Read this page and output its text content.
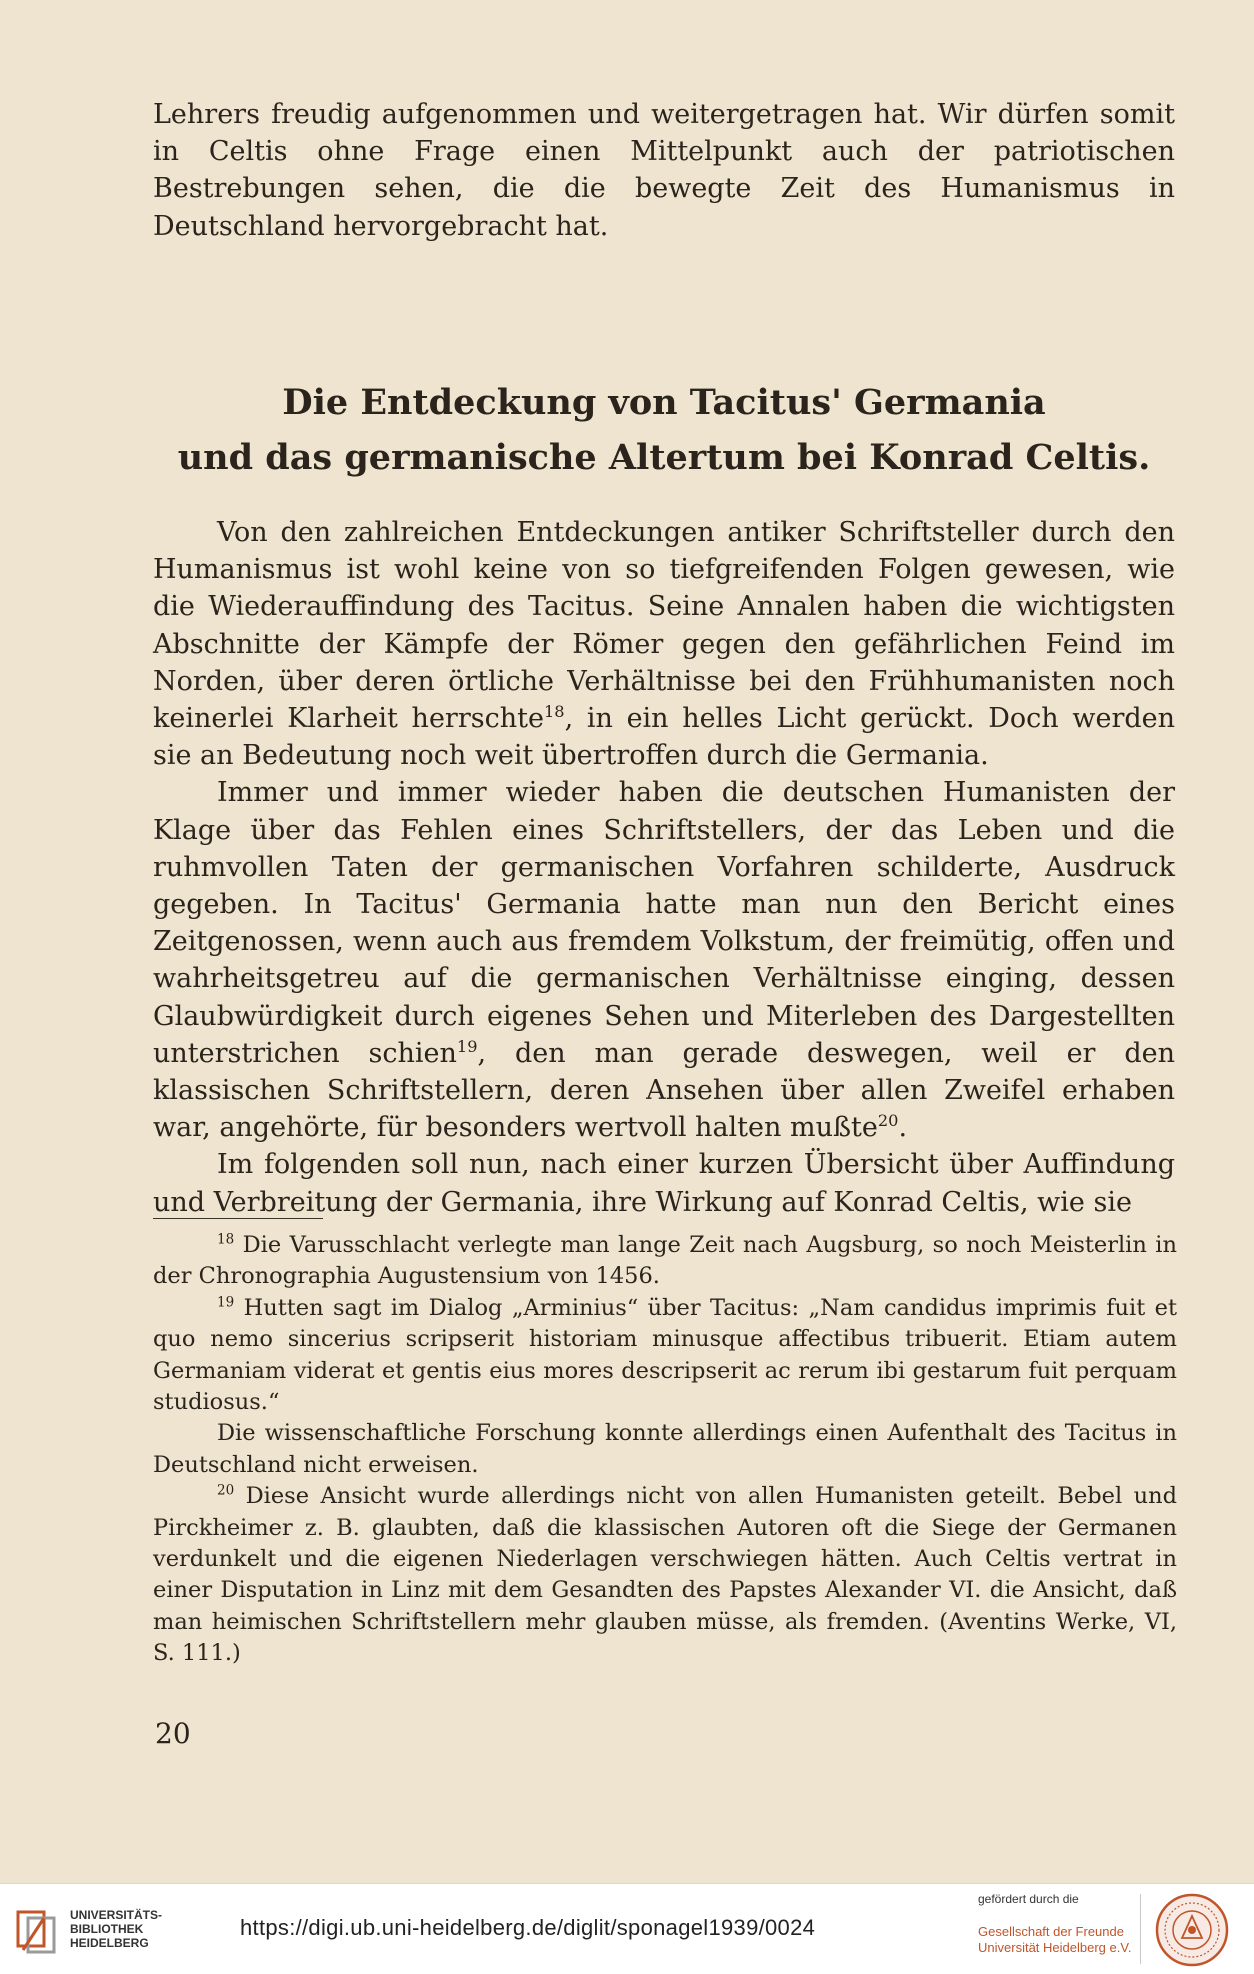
Lehrers freudig aufgenommen und weitergetragen hat. Wir dürfen somit in Celtis ohne Frage einen Mittelpunkt auch der patriotischen Bestrebungen sehen, die die bewegte Zeit des Humanismus in Deutschland hervorgebracht hat.

Die Entdeckung von Tacitus' Germania
und das germanische Altertum bei Konrad Celtis.

Von den zahlreichen Entdeckungen antiker Schriftsteller durch den Humanismus ist wohl keine von so tiefgreifenden Folgen gewesen, wie die Wiederauffindung des Tacitus. Seine Annalen haben die wichtigsten Abschnitte der Kämpfe der Römer gegen den gefährlichen Feind im Norden, über deren örtliche Verhältnisse bei den Frühhumanisten noch keinerlei Klarheit herrschte$^{18}$, in ein helles Licht gerückt. Doch werden sie an Bedeutung noch weit übertroffen durch die Germania.

Immer und immer wieder haben die deutschen Humanisten der Klage über das Fehlen eines Schriftstellers, der das Leben und die ruhmvollen Taten der germanischen Vorfahren schilderte, Ausdruck gegeben. In Tacitus' Germania hatte man nun den Bericht eines Zeitgenossen, wenn auch aus fremdem Volkstum, der freimütig, offen und wahrheitsgetreu auf die germanischen Verhältnisse einging, dessen Glaubwürdigkeit durch eigenes Sehen und Miterleben des Dargestellten unterstrichen schien$^{19}$, den man gerade deswegen, weil er den klassischen Schriftstellern, deren Ansehen über allen Zweifel erhaben war, angehörte, für besonders wertvoll halten mußte$^{20}$.

Im folgenden soll nun, nach einer kurzen Übersicht über Auffindung und Verbreitung der Germania, ihre Wirkung auf Konrad Celtis, wie sie

$^{18}$ Die Varusschlacht verlegte man lange Zeit nach Augsburg, so noch Meisterlin in der Chronographia Augustensium von 1456.

$^{19}$ Hutten sagt im Dialog „Arminius“ über Tacitus: „Nam candidus imprimis fuit et quo nemo sincerius scripserit historiam minusque affectibus tribuerit. Etiam autem Germaniam viderat et gentis eius mores descripserit ac rerum ibi gestarum fuit perquam studiosus.“

Die wissenschaftliche Forschung konnte allerdings einen Aufenthalt des Tacitus in Deutschland nicht erweisen.

$^{20}$ Diese Ansicht wurde allerdings nicht von allen Humanisten geteilt. Bebel und Pirckheimer z. B. glaubten, daß die klassischen Autoren oft die Siege der Germanen verdunkelt und die eigenen Niederlagen verschwiegen hätten. Auch Celtis vertrat in einer Disputation in Linz mit dem Gesandten des Papstes Alexander VI. die Ansicht, daß man heimischen Schriftstellern mehr glauben müsse, als fremden. (Aventins Werke, VI, S. 111.)

20
UNIVERSITÄTS-
BIBLIOTHEK
HEIDELBERG
https://digi.ub.uni-heidelberg.de/diglit/sponagel1939/0024
gefördert durch die
Gesellschaft der Freunde
Universität Heidelberg e.V.
